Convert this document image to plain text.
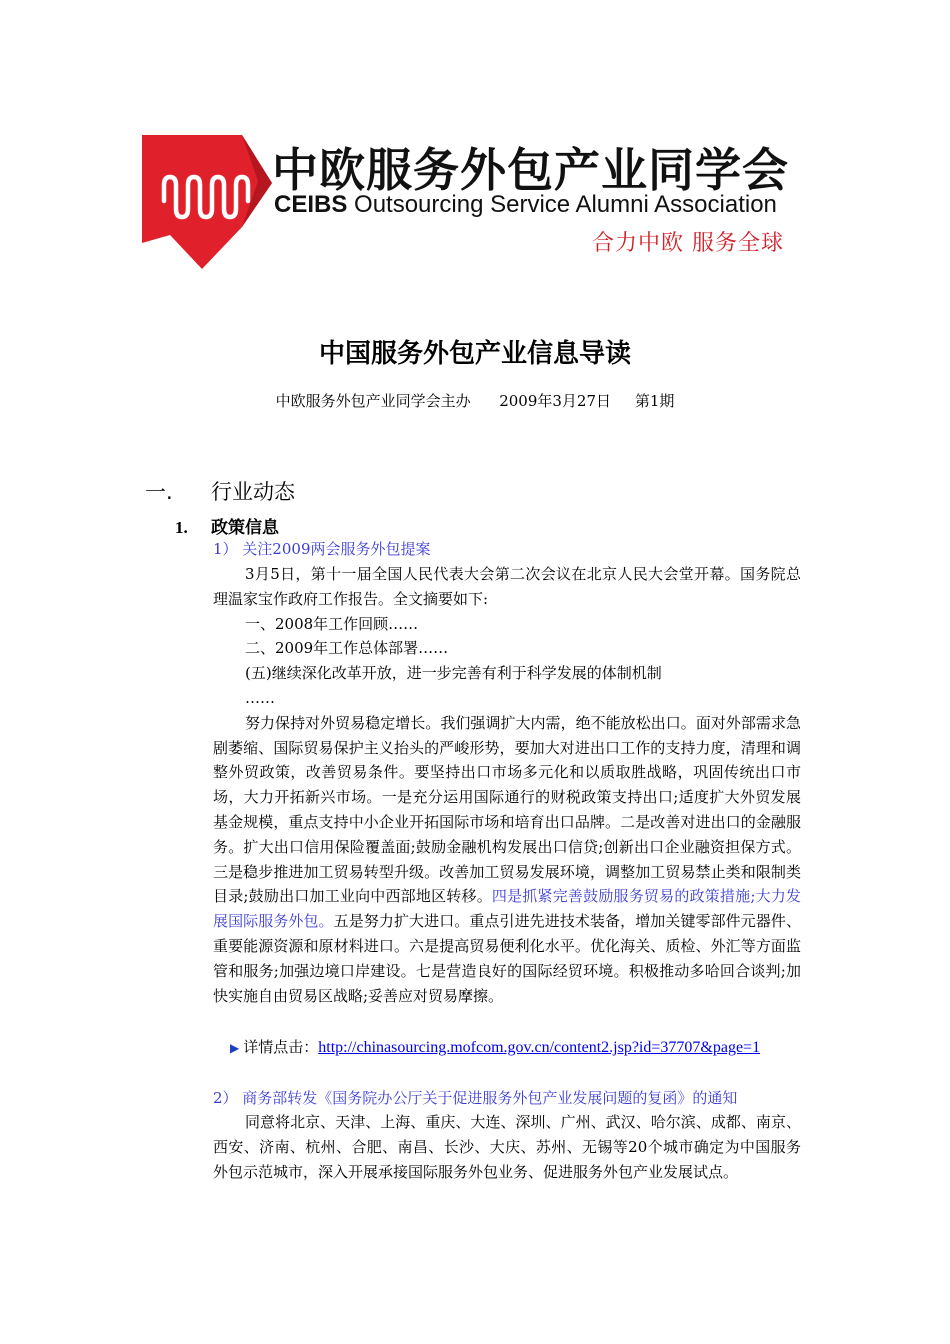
中欧服务外包产业同学会
CEIBS Outsourcing Service Alumni Association
合力中欧 服务全球
中国服务外包产业信息导读
中欧服务外包产业同学会主办      2009年3月27日     第1期
一. 行业动态
1. 政策信息
1） 关注2009两会服务外包提案

3月5日，第十一届全国人民代表大会第二次会议在北京人民大会堂开幕。国务院总理温家宝作政府工作报告。全文摘要如下:

一、2008年工作回顾……

二、2009年工作总体部署……

(五)继续深化改革开放，进一步完善有利于科学发展的体制机制

……

努力保持对外贸易稳定增长。我们强调扩大内需，绝不能放松出口。面对外部需求急剧萎缩、国际贸易保护主义抬头的严峻形势，要加大对进出口工作的支持力度，清理和调整外贸政策，改善贸易条件。要坚持出口市场多元化和以质取胜战略，巩固传统出口市场，大力开拓新兴市场。一是充分运用国际通行的财税政策支持出口;适度扩大外贸发展基金规模，重点支持中小企业开拓国际市场和培育出口品牌。二是改善对进出口的金融服务。扩大出口信用保险覆盖面;鼓励金融机构发展出口信贷;创新出口企业融资担保方式。三是稳步推进加工贸易转型升级。改善加工贸易发展环境，调整加工贸易禁止类和限制类目录;鼓励出口加工业向中西部地区转移。四是抓紧完善鼓励服务贸易的政策措施;大力发展国际服务外包。五是努力扩大进口。重点引进先进技术装备，增加关键零部件元器件、重要能源资源和原材料进口。六是提高贸易便利化水平。优化海关、质检、外汇等方面监管和服务;加强边境口岸建设。七是营造良好的国际经贸环境。积极推动多哈回合谈判;加快实施自由贸易区战略;妥善应对贸易摩擦。

▶ 详情点击：http://chinasourcing.mofcom.gov.cn/content2.jsp?id=37707&page=1
2） 商务部转发《国务院办公厅关于促进服务外包产业发展问题的复函》的通知

同意将北京、天津、上海、重庆、大连、深圳、广州、武汉、哈尔滨、成都、南京、西安、济南、杭州、合肥、南昌、长沙、大庆、苏州、无锡等20个城市确定为中国服务外包示范城市，深入开展承接国际服务外包业务、促进服务外包产业发展试点。
